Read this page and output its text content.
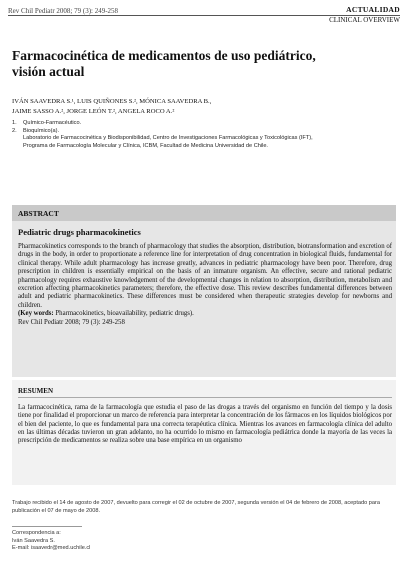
Rev Chil Pediatr 2008; 79 (3): 249-258	ACTUALIDAD
CLINICAL OVERVIEW
Farmacocinética de medicamentos de uso pediátrico,
visión actual
IVÁN SAAVEDRA S.¹, LUIS QUIÑONES S.², MÓNICA SAAVEDRA B.,
JAIME SASSO A.², JORGE LEÓN T.², ANGELA ROCO A.²
1.	Químico-Farmacéutico.
2.	Bioquímico(a).
Laboratorio de Farmacocinética y Biodisponibilidad, Centro de Investigaciones Farmacológicas y Toxicológicas (IFT),
Programa de Farmacología Molecular y Clínica, ICBM, Facultad de Medicina Universidad de Chile.
ABSTRACT
Pediatric drugs pharmacokinetics
Pharmacokinetics corresponds to the branch of pharmacology that studies the absorption, distribution, biotransformation and excretion of drugs in the body, in order to proportionate a reference line for interpretation of drug concentration in biological fluids, fundamental for clinical therapy. While adult pharmacology has increase greatly, advances in pediatric pharmacology have been poor. Therefore, drug prescription in children is essentially empirical on the basis of an inmature organism. An effective, secure and rational pediatric pharmacology requires exhaustive knowledgement of the developmental changes in relation to absorption, distribution, metabolism and excretion affecting pharmacokinetics parameters; therefore, the effective dose. This review describes fundamental differences between adult and pediatric pharmacokinetics. These differences must be considered when therapeutic strategies develop for newborns and children.
(Key words: Pharmacokinetics, bioavailability, pediatric drugs).
Rev Chil Pediatr 2008; 79 (3): 249-258
RESUMEN
La farmacocinética, rama de la farmacología que estudia el paso de las drogas a través del organismo en función del tiempo y la dosis tiene por finalidad el proporcionar un marco de referencia para interpretar la concentración de los fármacos en los líquidos biológicos por el bien del paciente, lo que es fundamental para una correcta terapéutica clínica. Mientras los avances en farmacología clínica del adulto en las últimas décadas tuvieron un gran adelanto, no ha ocurrido lo mismo en farmacología pediátrica donde la mayoría de las veces la prescripción de medicamentos se realiza sobre una base empírica en un organismo
Trabajo recibido el 14 de agosto de 2007, devuelto para corregir el 02 de octubre de 2007, segunda versión el 04 de febrero de 2008, aceptado para publicación el 07 de mayo de 2008.
Correspondencia a:
Iván Saavedra S.
E-mail: isaavedr@med.uchile.cl
